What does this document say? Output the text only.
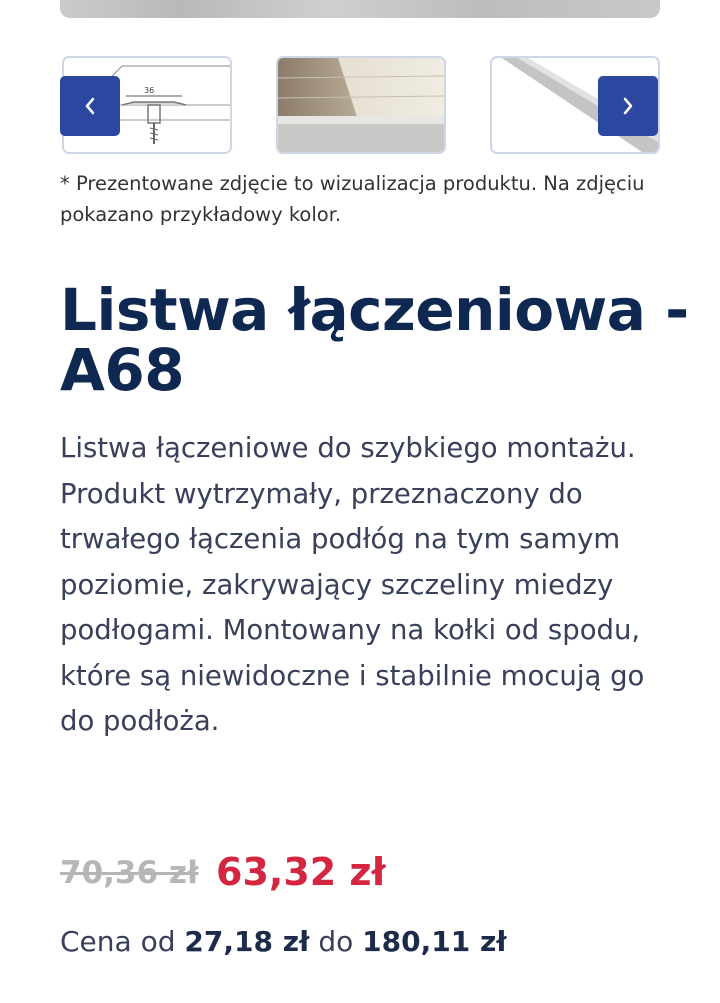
36
* Prezentowane zdjęcie to wizualizacja produktu. Na zdjęciu pokazano przykładowy kolor.
Listwa łączeniowa - A68
Listwa łączeniowe do szybkiego montażu. Produkt wytrzymały, przeznaczony do trwałego łączenia podłóg na tym samym poziomie, zakrywający szczeliny miedzy podłogami. Montowany na kołki od spodu, które są niewidoczne i stabilnie mocują go do podłoża.
70,36 zł 63,32 zł
Cena od 27,18 zł do 180,11 zł
